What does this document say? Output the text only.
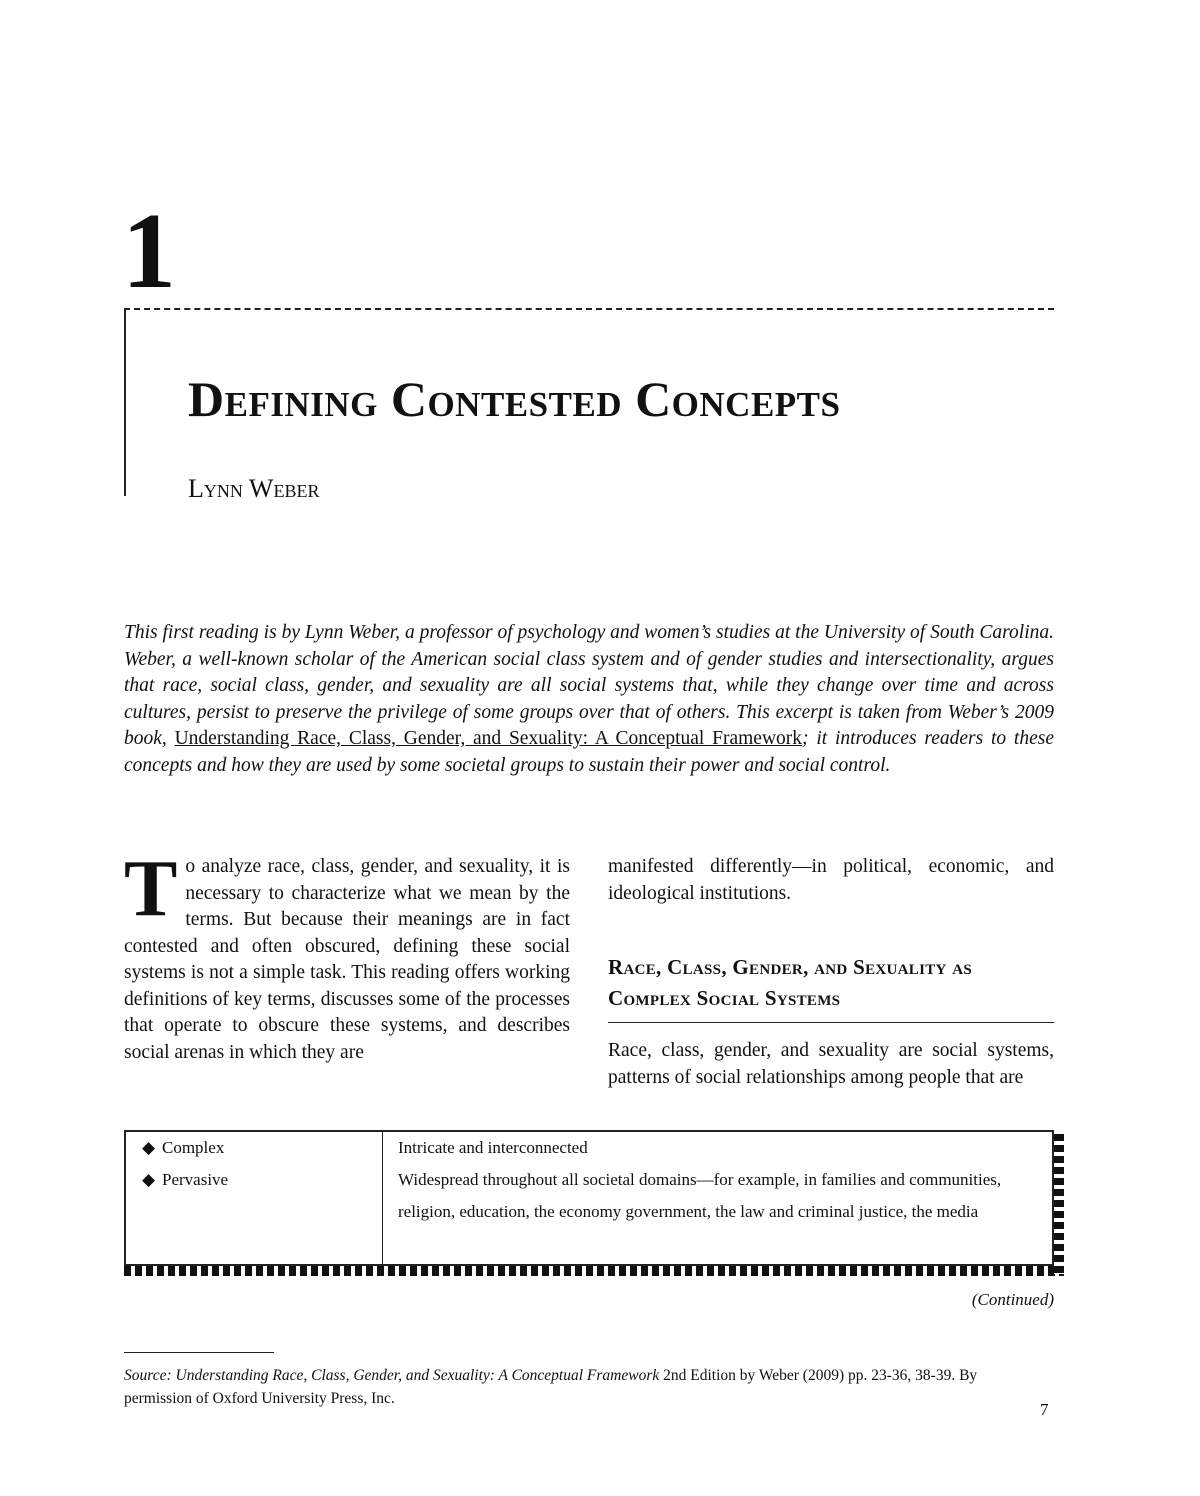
1
Defining Contested Concepts
Lynn Weber
This first reading is by Lynn Weber, a professor of psychology and women’s studies at the University of South Carolina. Weber, a well-known scholar of the American social class system and of gender studies and intersectionality, argues that race, social class, gender, and sexuality are all social systems that, while they change over time and across cultures, persist to preserve the privilege of some groups over that of others. This excerpt is taken from Weber’s 2009 book, Understanding Race, Class, Gender, and Sexuality: A Conceptual Framework; it introduces readers to these concepts and how they are used by some societal groups to sustain their power and social control.
To analyze race, class, gender, and sexuality, it is necessary to characterize what we mean by the terms. But because their meanings are in fact contested and often obscured, defining these social systems is not a simple task. This reading offers working definitions of key terms, discusses some of the processes that operate to obscure these systems, and describes social arenas in which they are
manifested differently—in political, economic, and ideological institutions.
Race, Class, Gender, and Sexuality as Complex Social Systems
Race, class, gender, and sexuality are social systems, patterns of social relationships among people that are
◆ Complex	Intricate and interconnected
◆ Pervasive	Widespread throughout all societal domains—for example, in families and communities, religion, education, the economy government, the law and criminal justice, the media
(Continued)
Source: Understanding Race, Class, Gender, and Sexuality: A Conceptual Framework 2nd Edition by Weber (2009) pp. 23-36, 38-39. By permission of Oxford University Press, Inc.
7
